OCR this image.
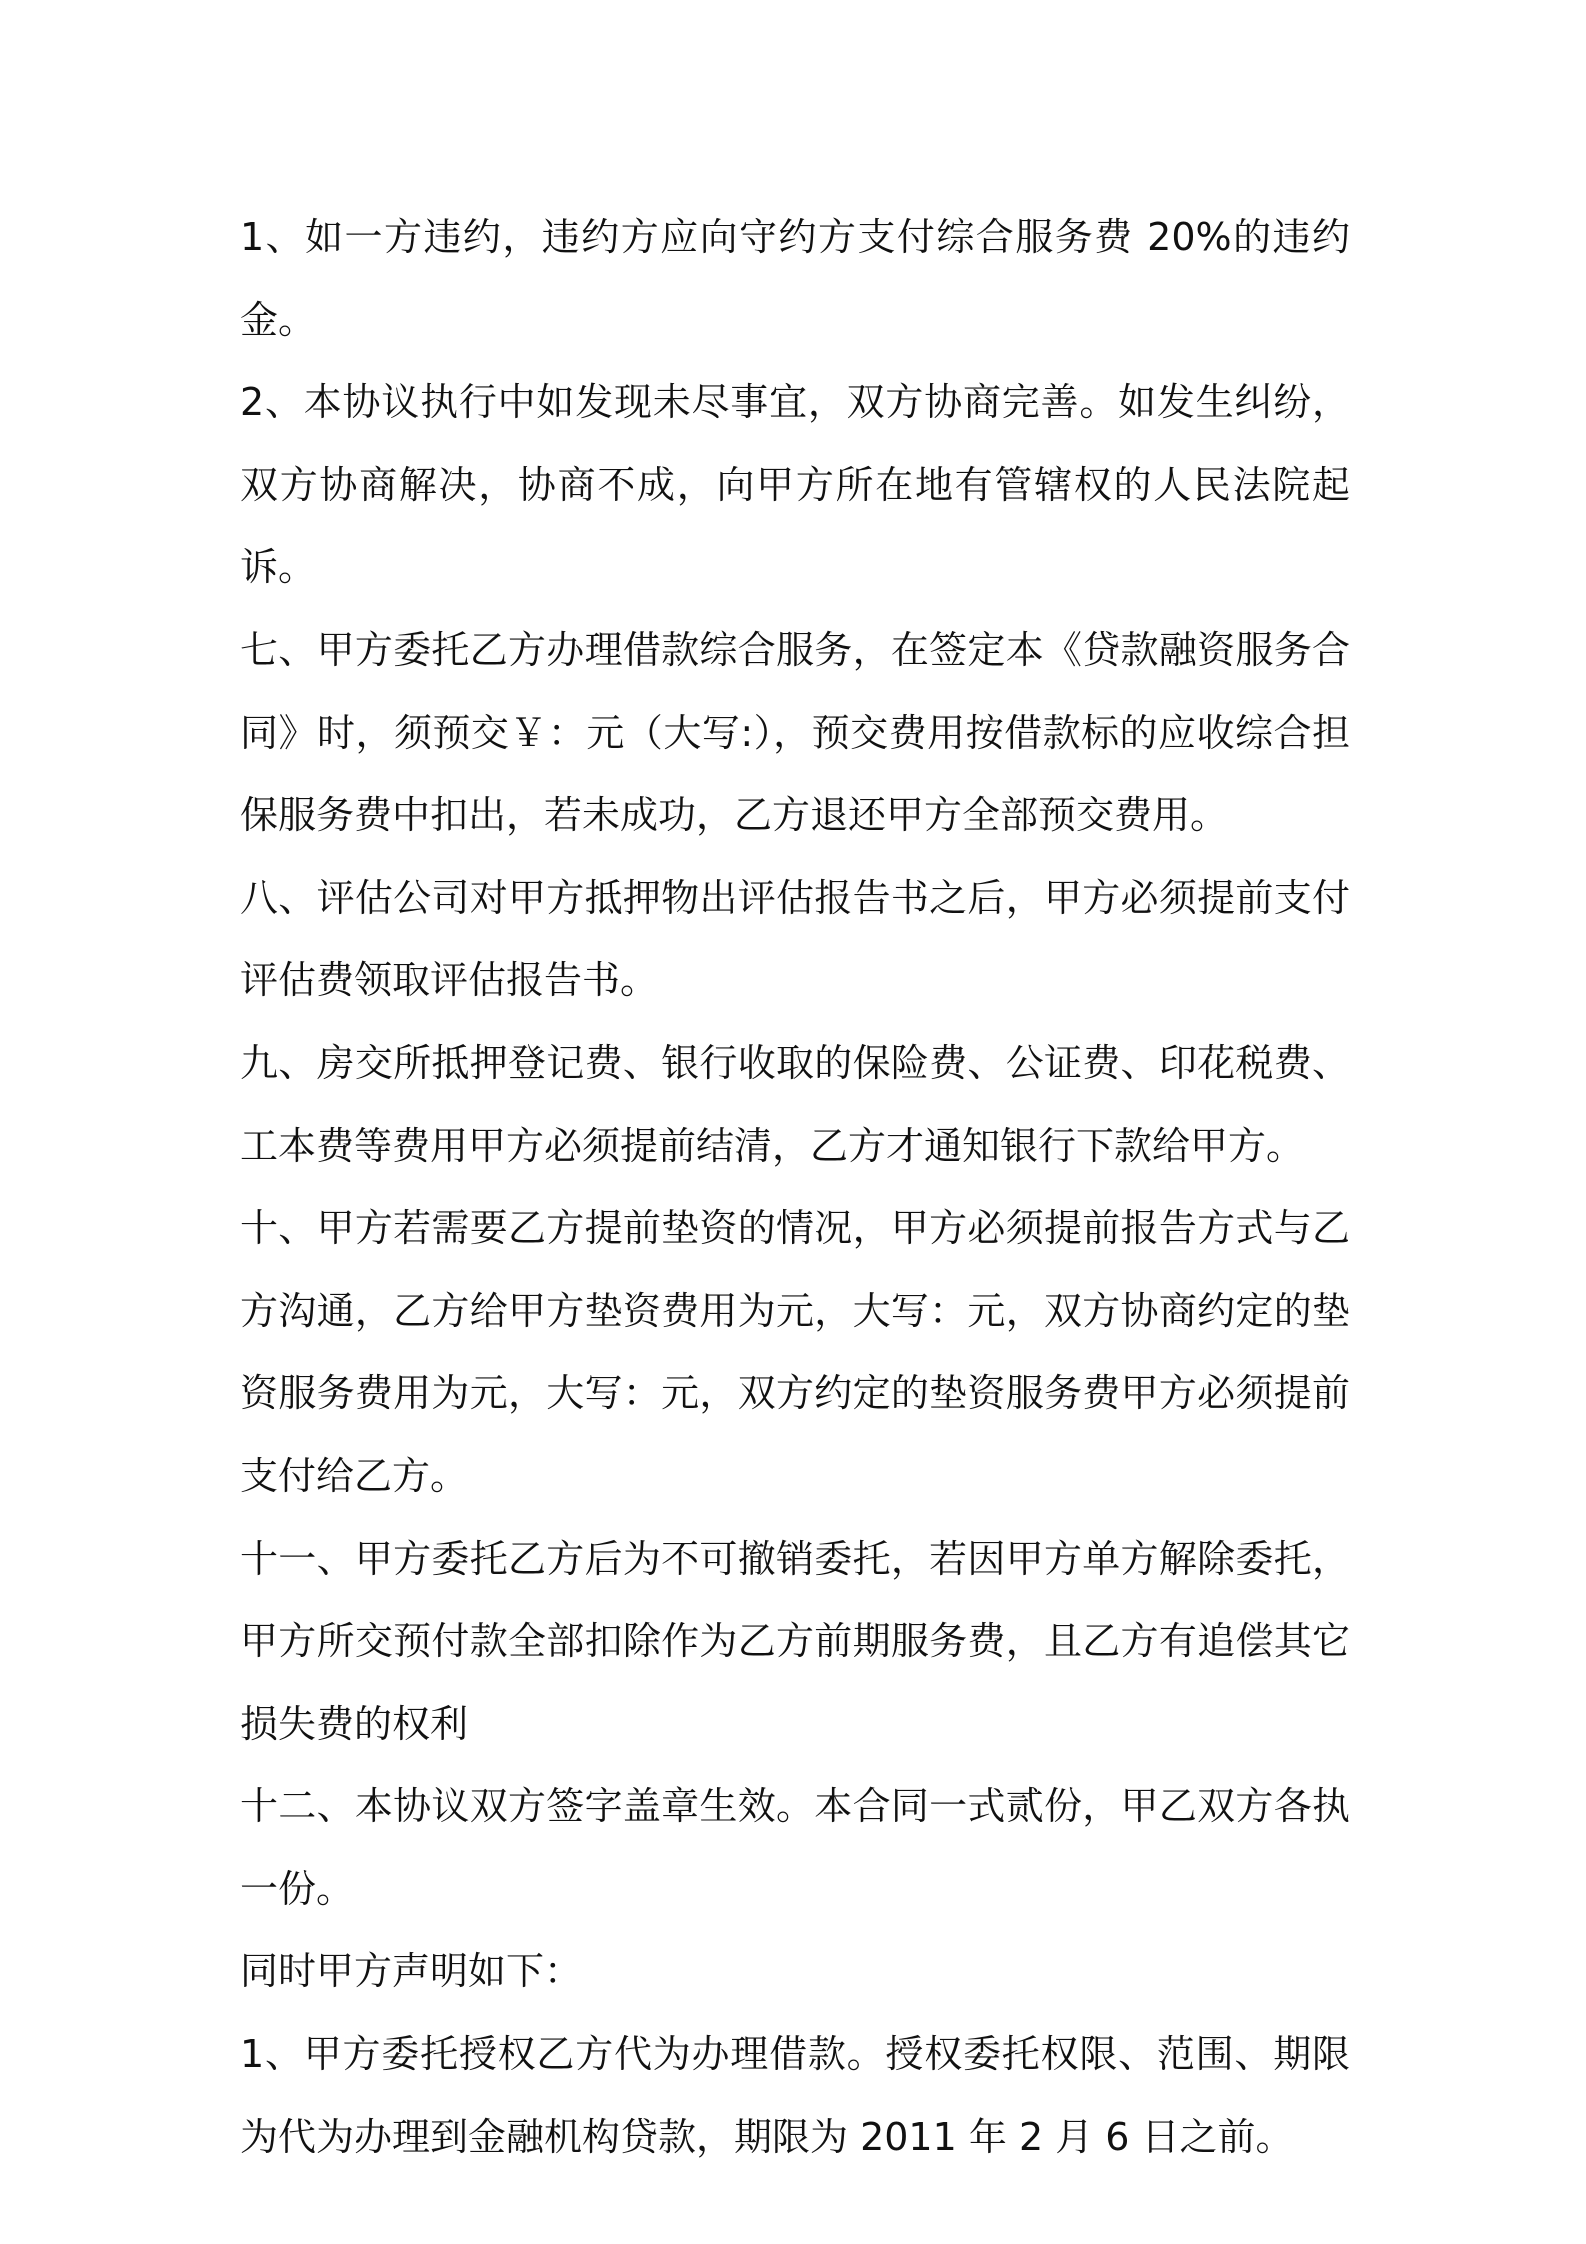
1、如一方违约，违约方应向守约方支付综合服务费 20%的违约金。

2、本协议执行中如发现未尽事宜，双方协商完善。如发生纠纷，双方协商解决，协商不成，向甲方所在地有管辖权的人民法院起诉。

七、甲方委托乙方办理借款综合服务，在签定本《贷款融资服务合同》时，须预交￥：元（大写:），预交费用按借款标的应收综合担保服务费中扣出，若未成功，乙方退还甲方全部预交费用。

八、评估公司对甲方抵押物出评估报告书之后，甲方必须提前支付评估费领取评估报告书。

九、房交所抵押登记费、银行收取的保险费、公证费、印花税费、工本费等费用甲方必须提前结清，乙方才通知银行下款给甲方。

十、甲方若需要乙方提前垫资的情况，甲方必须提前报告方式与乙方沟通，乙方给甲方垫资费用为元，大写：元，双方协商约定的垫资服务费用为元，大写：元，双方约定的垫资服务费甲方必须提前支付给乙方。

十一、甲方委托乙方后为不可撤销委托，若因甲方单方解除委托，甲方所交预付款全部扣除作为乙方前期服务费，且乙方有追偿其它损失费的权利

十二、本协议双方签字盖章生效。本合同一式贰份，甲乙双方各执一份。

同时甲方声明如下：

1、甲方委托授权乙方代为办理借款。授权委托权限、范围、期限为代为办理到金融机构贷款，期限为 2011 年 2 月 6 日之前。
